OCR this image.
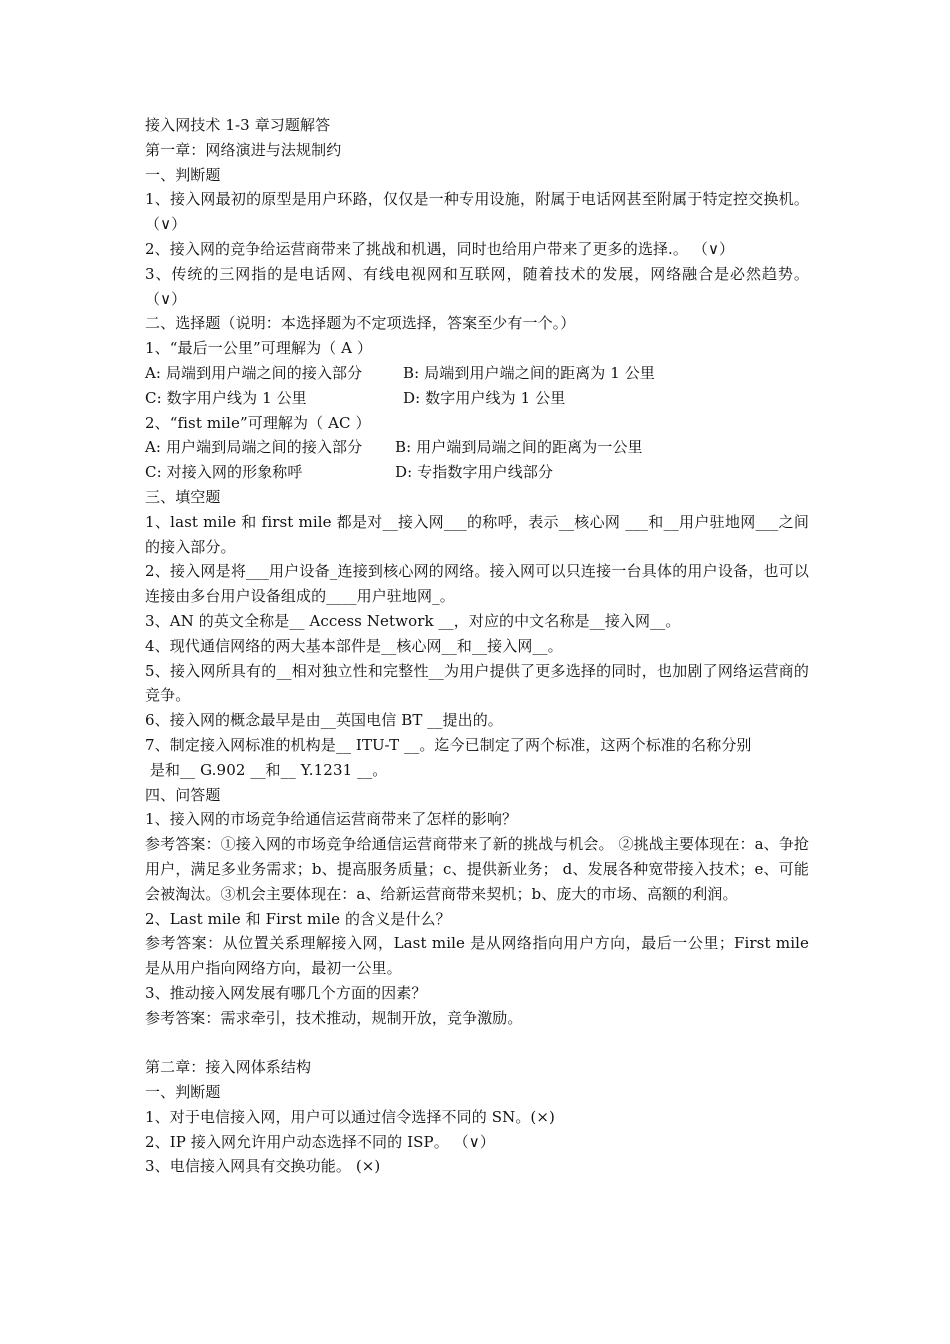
接入网技术 1-3 章习题解答
第一章：网络演进与法规制约
一、判断题
1、接入网最初的原型是用户环路，仅仅是一种专用设施，附属于电话网甚至附属于特定控交换机。 （∨）
2、接入网的竞争给运营商带来了挑战和机遇，同时也给用户带来了更多的选择.。 （∨）
3、传统的三网指的是电话网、有线电视网和互联网，随着技术的发展，网络融合是必然趋势。 （∨）
二、选择题（说明：本选择题为不定项选择，答案至少有一个。）
1、“最后一公里”可理解为（ A ）
A: 局端到用户端之间的接入部分	B: 局端到用户端之间的距离为 1 公里
C: 数字用户线为 1 公里	D: 数字用户线为 1 公里
2、“fist mile”可理解为（ AC ）
A: 用户端到局端之间的接入部分 B: 用户端到局端之间的距离为一公里
C: 对接入网的形象称呼	D: 专指数字用户线部分
三、填空题
1、last mile 和 first mile 都是对__接入网___的称呼，表示__核心网 ___和__用户驻地网___之间的接入部分。
2、接入网是将___用户设备_连接到核心网的网络。接入网可以只连接一台具体的用户设备，也可以连接由多台用户设备组成的____用户驻地网_。
3、AN 的英文全称是__ Access Network __，对应的中文名称是__接入网__。
4、现代通信网络的两大基本部件是__核心网__和__接入网__。
5、接入网所具有的__相对独立性和完整性__为用户提供了更多选择的同时，也加剧了网络运营商的竞争。
6、接入网的概念最早是由__英国电信 BT __提出的。
7、制定接入网标准的机构是__ ITU-T __。迄今已制定了两个标准，这两个标准的名称分别
是和__ G.902 __和__ Y.1231 __。
四、问答题
1、接入网的市场竞争给通信运营商带来了怎样的影响？
参考答案：①接入网的市场竞争给通信运营商带来了新的挑战与机会。 ②挑战主要体现在：a、争抢用户，满足多业务需求；b、提高服务质量；c、提供新业务； d、发展各种宽带接入技术；e、可能会被淘汰。③机会主要体现在：a、给新运营商带来契机；b、庞大的市场、高额的利润。
2、Last mile 和 First mile 的含义是什么？
参考答案：从位置关系理解接入网，Last mile 是从网络指向用户方向，最后一公里；First mile 是从用户指向网络方向，最初一公里。
3、推动接入网发展有哪几个方面的因素？
参考答案：需求牵引，技术推动，规制开放，竞争激励。
第二章：接入网体系结构
一、判断题
1、对于电信接入网，用户可以通过信令选择不同的 SN。(×)
2、IP 接入网允许用户动态选择不同的 ISP。 （∨）
3、电信接入网具有交换功能。 (×)
